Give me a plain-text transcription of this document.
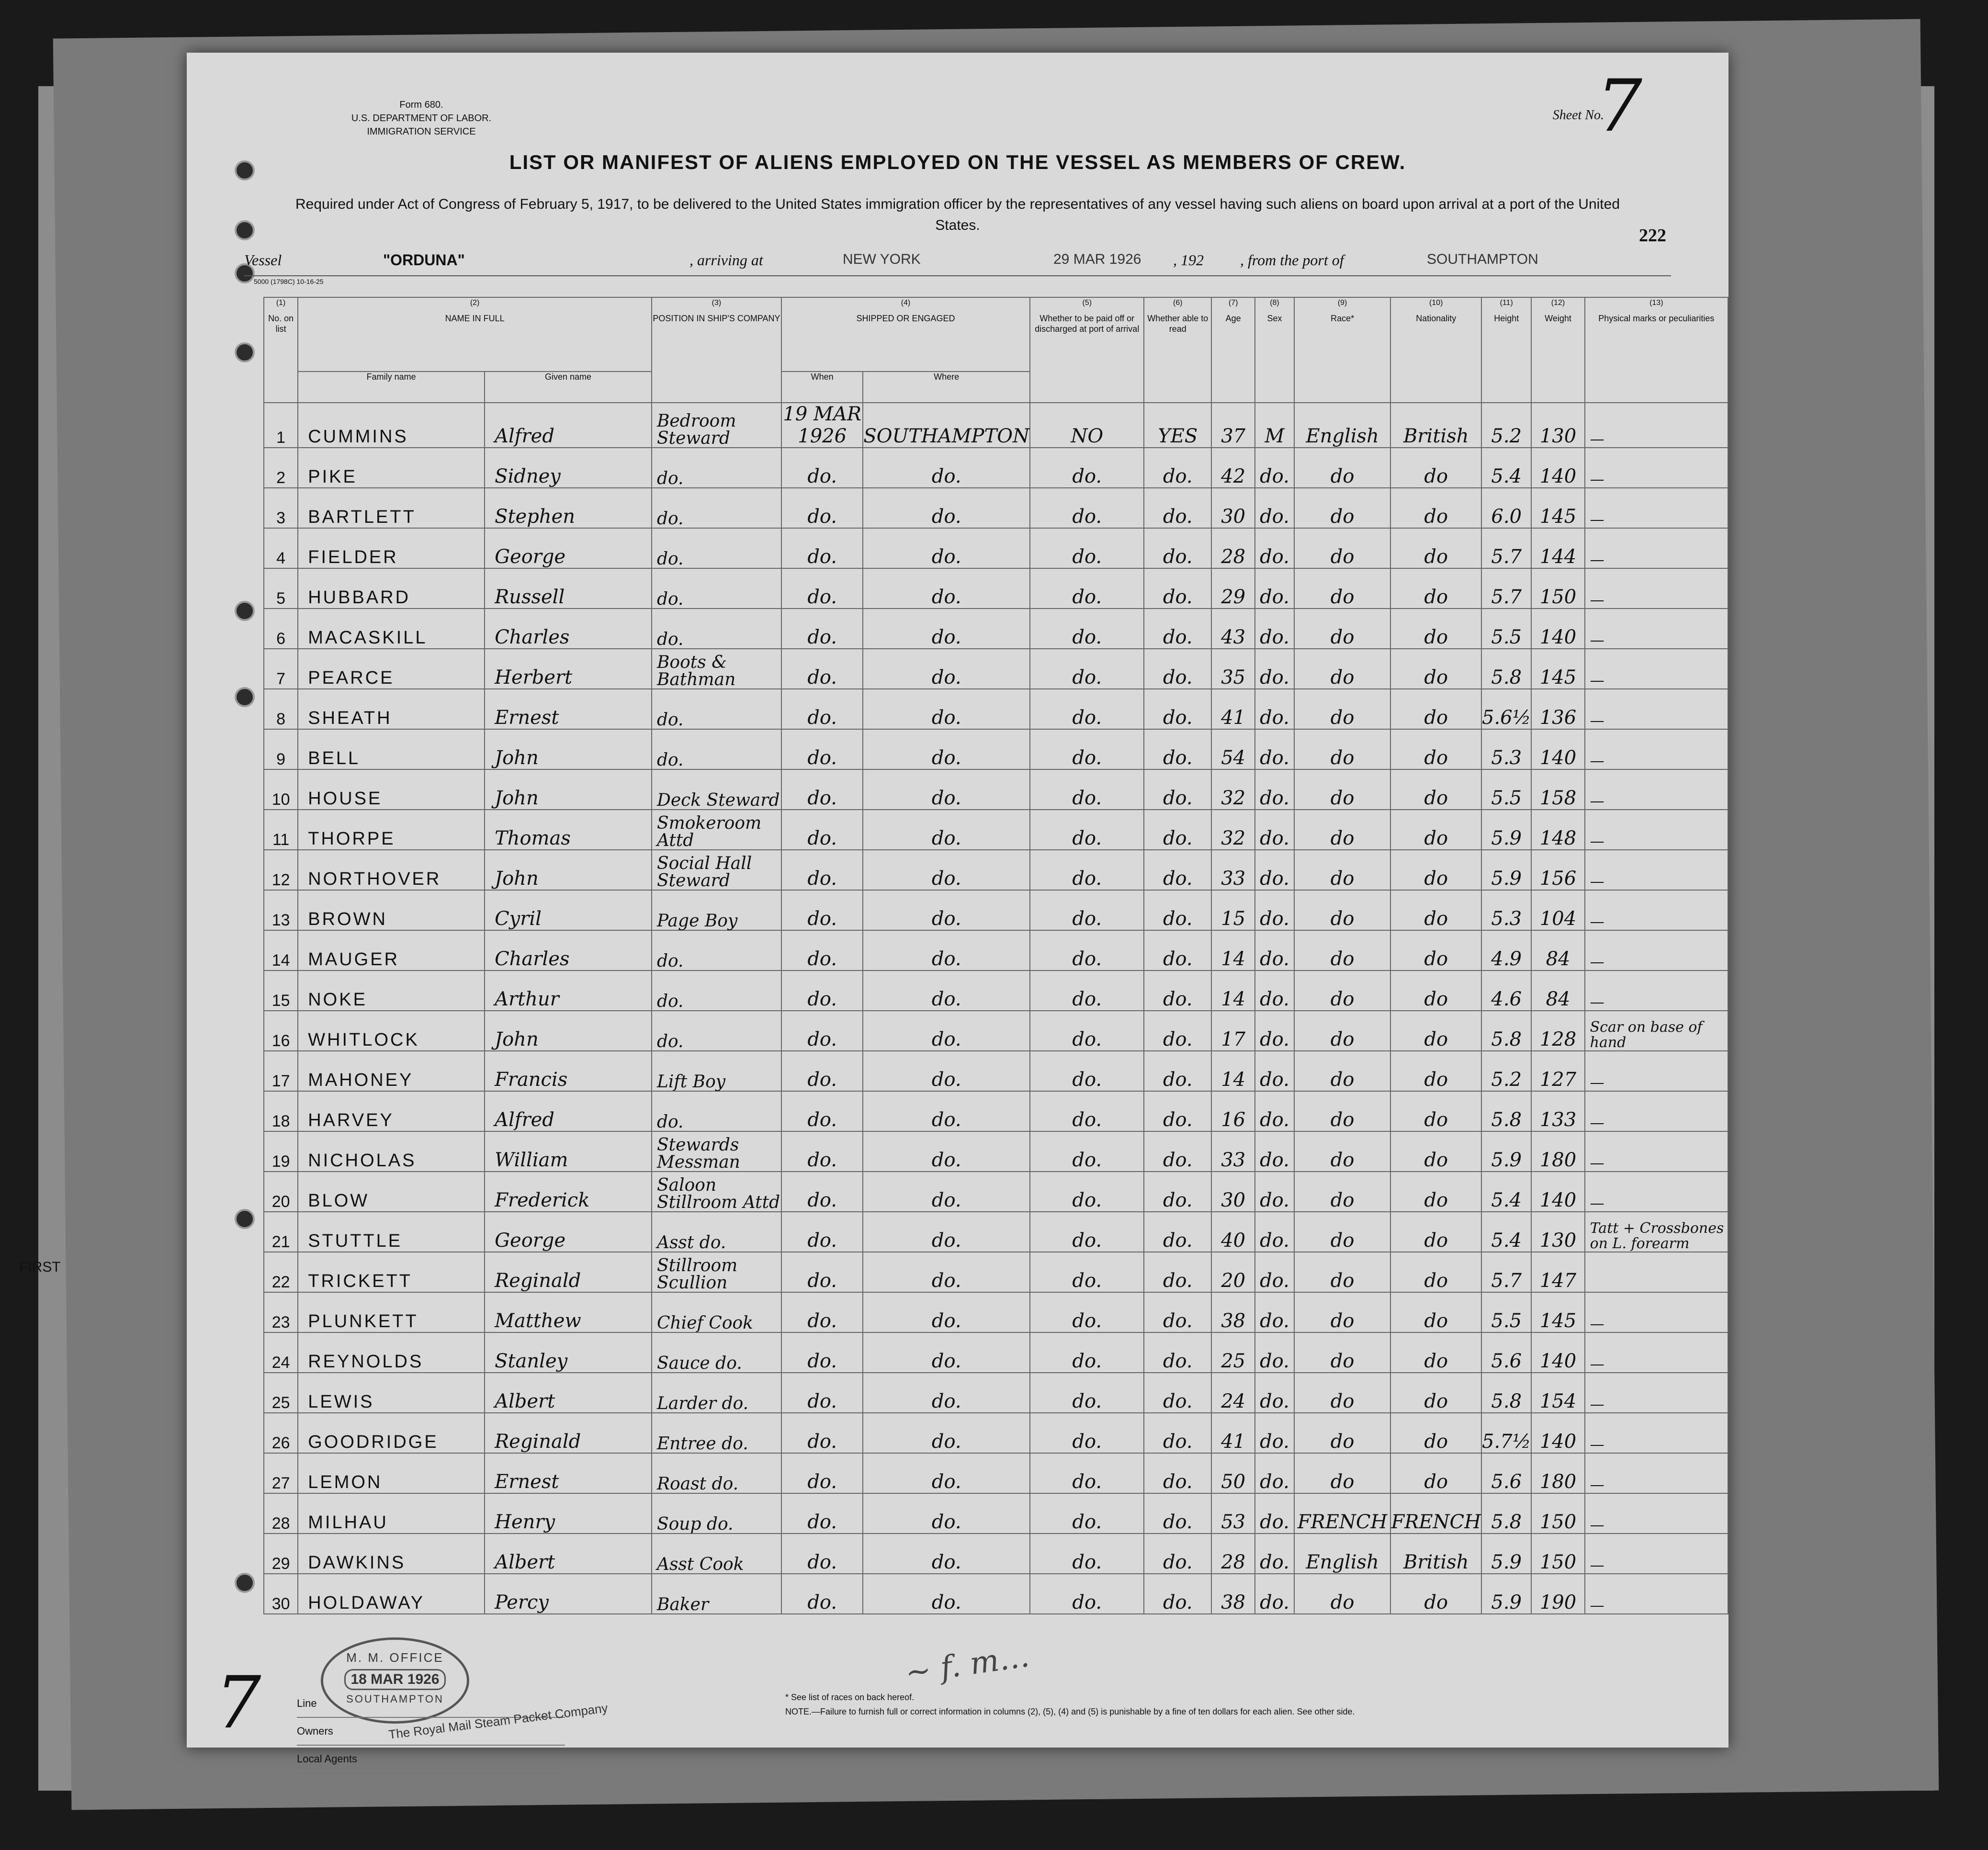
Form 680.
U.S. DEPARTMENT OF LABOR.
IMMIGRATION SERVICE
Sheet No.
7
LIST OR MANIFEST OF ALIENS EMPLOYED ON THE VESSEL AS MEMBERS OF CREW.
Required under Act of Congress of February 5, 1917, to be delivered to the United States immigration officer by the representatives of any vessel having such aliens on board upon arrival at a port of the United States.
222
Vessel	"ORDUNA"	, arriving at	NEW YORK	29 MAR 1926 , 192 , from the port of	SOUTHAMPTON
5000 (1798C) 10-16-25
(1)
No. on list	(2)
NAME IN FULL		(3)
POSITION IN SHIP'S COMPANY	(4)
SHIPPED OR ENGAGED		(5)
Whether to be paid off or discharged at port of arrival	(6)
Whether able to read	(7)
Age	(8)
Sex	(9)
Race*	(10)
Nationality	(11)
Height	(12)
Weight	(13)
Physical marks or peculiarities

	Family name	Given name		When	Where									
1	CUMMINS	Alfred	Bedroom Steward	19 MAR 1926	SOUTHAMPTON	NO	YES	37	M	English	British	5.2	130	—
2	PIKE	Sidney	do.	do.	do.	do.	do.	42	do.	do	do	5.4	140	—
3	BARTLETT	Stephen	do.	do.	do.	do.	do.	30	do.	do	do	6.0	145	—
4	FIELDER	George	do.	do.	do.	do.	do.	28	do.	do	do	5.7	144	—
5	HUBBARD	Russell	do.	do.	do.	do.	do.	29	do.	do	do	5.7	150	—
6	MACASKILL	Charles	do.	do.	do.	do.	do.	43	do.	do	do	5.5	140	—
7	PEARCE	Herbert	Boots & Bathman	do.	do.	do.	do.	35	do.	do	do	5.8	145	—
8	SHEATH	Ernest	do.	do.	do.	do.	do.	41	do.	do	do	5.6½	136	—
9	BELL	John	do.	do.	do.	do.	do.	54	do.	do	do	5.3	140	—
10	HOUSE	John	Deck Steward	do.	do.	do.	do.	32	do.	do	do	5.5	158	—
11	THORPE	Thomas	Smokeroom Attd	do.	do.	do.	do.	32	do.	do	do	5.9	148	—
12	NORTHOVER	John	Social Hall Steward	do.	do.	do.	do.	33	do.	do	do	5.9	156	—
13	BROWN	Cyril	Page Boy	do.	do.	do.	do.	15	do.	do	do	5.3	104	—
14	MAUGER	Charles	do.	do.	do.	do.	do.	14	do.	do	do	4.9	84	—
15	NOKE	Arthur	do.	do.	do.	do.	do.	14	do.	do	do	4.6	84	—
16	WHITLOCK	John	do.	do.	do.	do.	do.	17	do.	do	do	5.8	128	Scar on base of hand
17	MAHONEY	Francis	Lift Boy	do.	do.	do.	do.	14	do.	do	do	5.2	127	—
18	HARVEY	Alfred	do.	do.	do.	do.	do.	16	do.	do	do	5.8	133	—
19	NICHOLAS	William	Stewards Messman	do.	do.	do.	do.	33	do.	do	do	5.9	180	—
20	BLOW	Frederick	Saloon Stillroom Attd	do.	do.	do.	do.	30	do.	do	do	5.4	140	—
21	STUTTLE	George	Asst do.	do.	do.	do.	do.	40	do.	do	do	5.4	130	Tatt + Crossbones on L. forearm
22	TRICKETT	Reginald	Stillroom Scullion	do.	do.	do.	do.	20	do.	do	do	5.7	147	
23	PLUNKETT	Matthew	Chief Cook	do.	do.	do.	do.	38	do.	do	do	5.5	145	—
24	REYNOLDS	Stanley	Sauce do.	do.	do.	do.	do.	25	do.	do	do	5.6	140	—
25	LEWIS	Albert	Larder do.	do.	do.	do.	do.	24	do.	do	do	5.8	154	—
26	GOODRIDGE	Reginald	Entree do.	do.	do.	do.	do.	41	do.	do	do	5.7½	140	—
27	LEMON	Ernest	Roast do.	do.	do.	do.	do.	50	do.	do	do	5.6	180	—
28	MILHAU	Henry	Soup do.	do.	do.	do.	do.	53	do.	FRENCH	FRENCH	5.8	150	—
29	DAWKINS	Albert	Asst Cook	do.	do.	do.	do.	28	do.	English	British	5.9	150	—
30	HOLDAWAY	Percy	Baker	do.	do.	do.	do.	38	do.	do	do	5.9	190	—
~ f. m…
7
M. M. OFFICE
18 MAR 1926
SOUTHAMPTON
Line
Owners
Local Agents
The Royal Mail Steam Packet Company
* See list of races on back hereof.
NOTE.—Failure to furnish full or correct information in columns (2), (5), (4) and (5) is punishable by a fine of ten dollars for each alien. See other side.
FIRST
